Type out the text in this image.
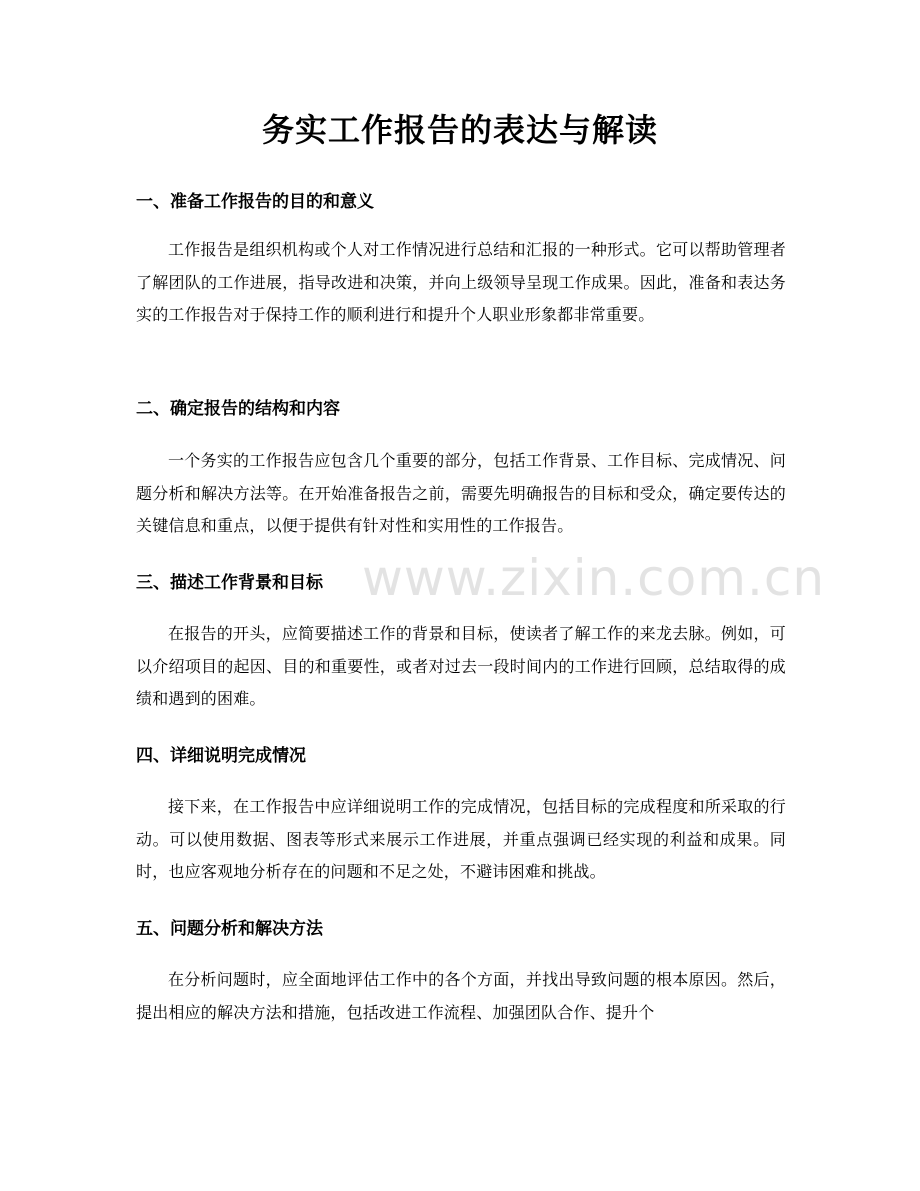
务实工作报告的表达与解读
一、准备工作报告的目的和意义
工作报告是组织机构或个人对工作情况进行总结和汇报的一种形式。它可以帮助管理者了解团队的工作进展，指导改进和决策，并向上级领导呈现工作成果。因此，准备和表达务实的工作报告对于保持工作的顺利进行和提升个人职业形象都非常重要。
二、确定报告的结构和内容
一个务实的工作报告应包含几个重要的部分，包括工作背景、工作目标、完成情况、问题分析和解决方法等。在开始准备报告之前，需要先明确报告的目标和受众，确定要传达的关键信息和重点，以便于提供有针对性和实用性的工作报告。
三、描述工作背景和目标
在报告的开头，应简要描述工作的背景和目标，使读者了解工作的来龙去脉。例如，可以介绍项目的起因、目的和重要性，或者对过去一段时间内的工作进行回顾，总结取得的成绩和遇到的困难。
四、详细说明完成情况
接下来，在工作报告中应详细说明工作的完成情况，包括目标的完成程度和所采取的行动。可以使用数据、图表等形式来展示工作进展，并重点强调已经实现的利益和成果。同时，也应客观地分析存在的问题和不足之处，不避讳困难和挑战。
五、问题分析和解决方法
在分析问题时，应全面地评估工作中的各个方面，并找出导致问题的根本原因。然后，提出相应的解决方法和措施，包括改进工作流程、加强团队合作、提升个
www.zixin.com.cn
